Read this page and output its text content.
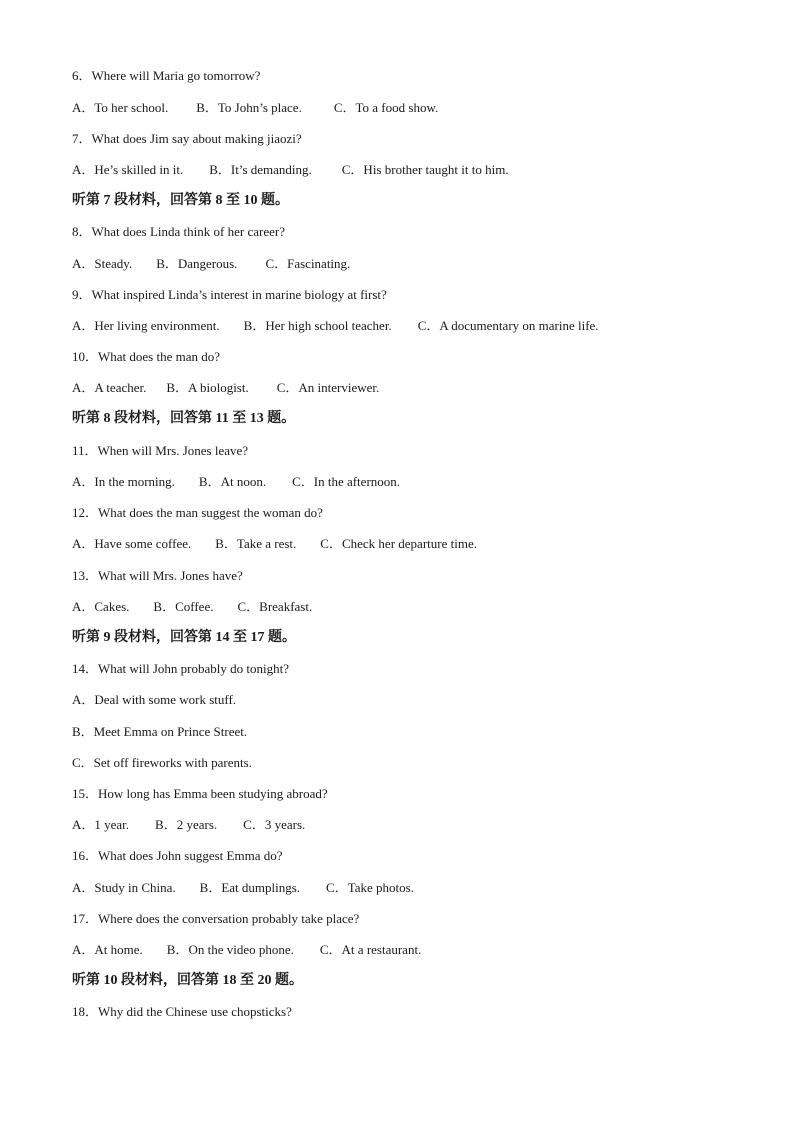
6．Where will Maria go tomorrow?
A．To her school. B．To John’s place. C．To a food show.
7．What does Jim say about making jiaozi?
A．He’s skilled in it. B．It’s demanding. C．His brother taught it to him.
听第 7 段材料，回答第 8 至 10 题。
8．What does Linda think of her career?
A．Steady. B．Dangerous. C．Fascinating.
9．What inspired Linda’s interest in marine biology at first?
A．Her living environment. B．Her high school teacher. C．A documentary on marine life.
10．What does the man do?
A．A teacher. B．A biologist. C．An interviewer.
听第 8 段材料，回答第 11 至 13 题。
11．When will Mrs. Jones leave?
A．In the morning. B．At noon. C．In the afternoon.
12．What does the man suggest the woman do?
A．Have some coffee. B．Take a rest. C．Check her departure time.
13．What will Mrs. Jones have?
A．Cakes. B．Coffee. C．Breakfast.
听第 9 段材料，回答第 14 至 17 题。
14．What will John probably do tonight?
A．Deal with some work stuff.
B．Meet Emma on Prince Street.
C．Set off fireworks with parents.
15．How long has Emma been studying abroad?
A．1 year. B．2 years. C．3 years.
16．What does John suggest Emma do?
A．Study in China. B．Eat dumplings. C．Take photos.
17．Where does the conversation probably take place?
A．At home. B．On the video phone. C．At a restaurant.
听第 10 段材料，回答第 18 至 20 题。
18．Why did the Chinese use chopsticks?
